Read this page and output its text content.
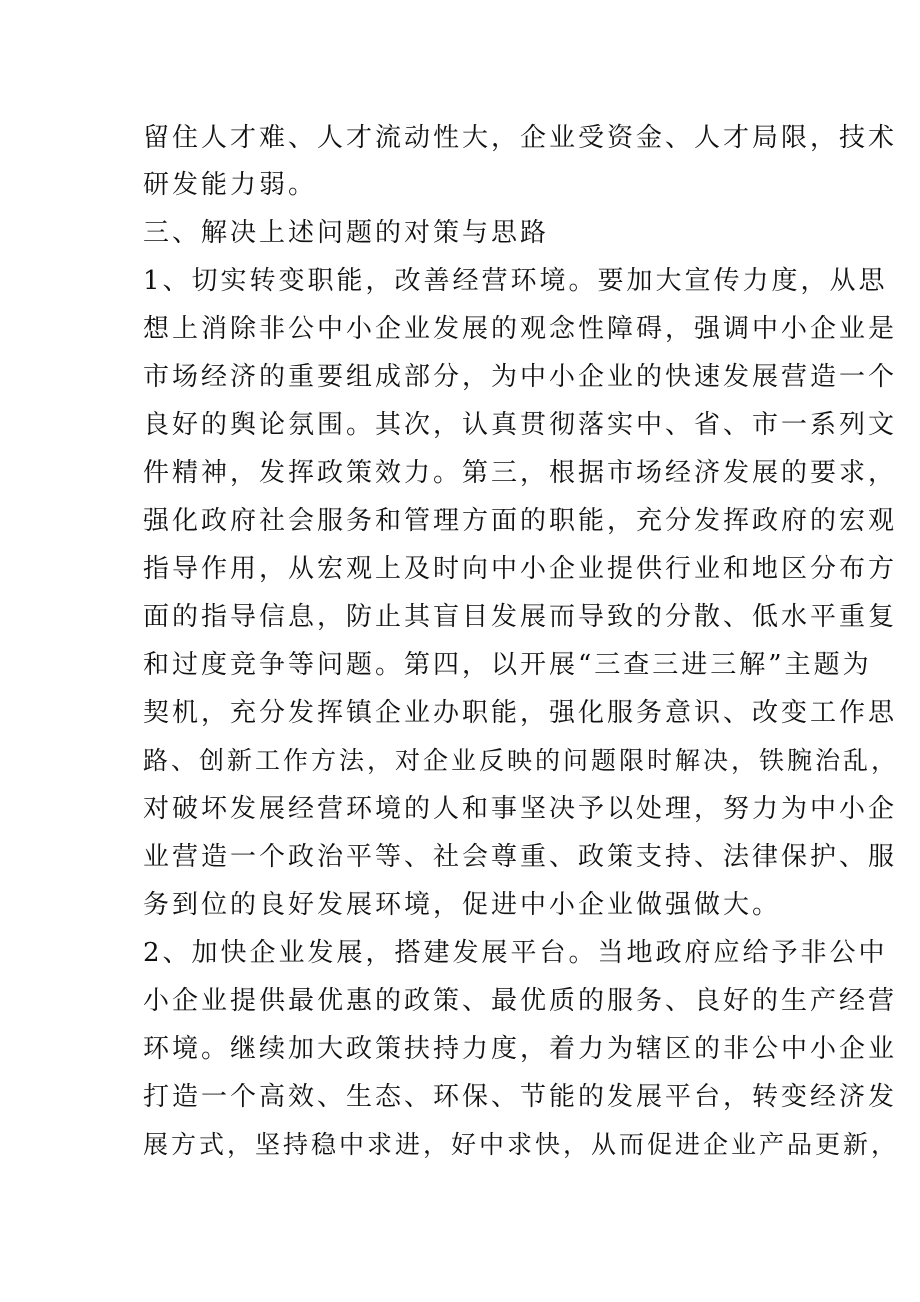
留住人才难、人才流动性大，企业受资金、人才局限，技术
研发能力弱。
三、解决上述问题的对策与思路
1、切实转变职能，改善经营环境。要加大宣传力度，从思
想上消除非公中小企业发展的观念性障碍，强调中小企业是
市场经济的重要组成部分，为中小企业的快速发展营造一个
良好的舆论氛围。其次，认真贯彻落实中、省、市一系列文
件精神，发挥政策效力。第三，根据市场经济发展的要求，
强化政府社会服务和管理方面的职能，充分发挥政府的宏观
指导作用，从宏观上及时向中小企业提供行业和地区分布方
面的指导信息，防止其盲目发展而导致的分散、低水平重复
和过度竞争等问题。第四，以开展“三查三进三解”主题为
契机，充分发挥镇企业办职能，强化服务意识、改变工作思
路、创新工作方法，对企业反映的问题限时解决，铁腕治乱，
对破坏发展经营环境的人和事坚决予以处理，努力为中小企
业营造一个政治平等、社会尊重、政策支持、法律保护、服
务到位的良好发展环境，促进中小企业做强做大。
2、加快企业发展，搭建发展平台。当地政府应给予非公中
小企业提供最优惠的政策、最优质的服务、良好的生产经营
环境。继续加大政策扶持力度，着力为辖区的非公中小企业
打造一个高效、生态、环保、节能的发展平台，转变经济发
展方式，坚持稳中求进，好中求快，从而促进企业产品更新，
